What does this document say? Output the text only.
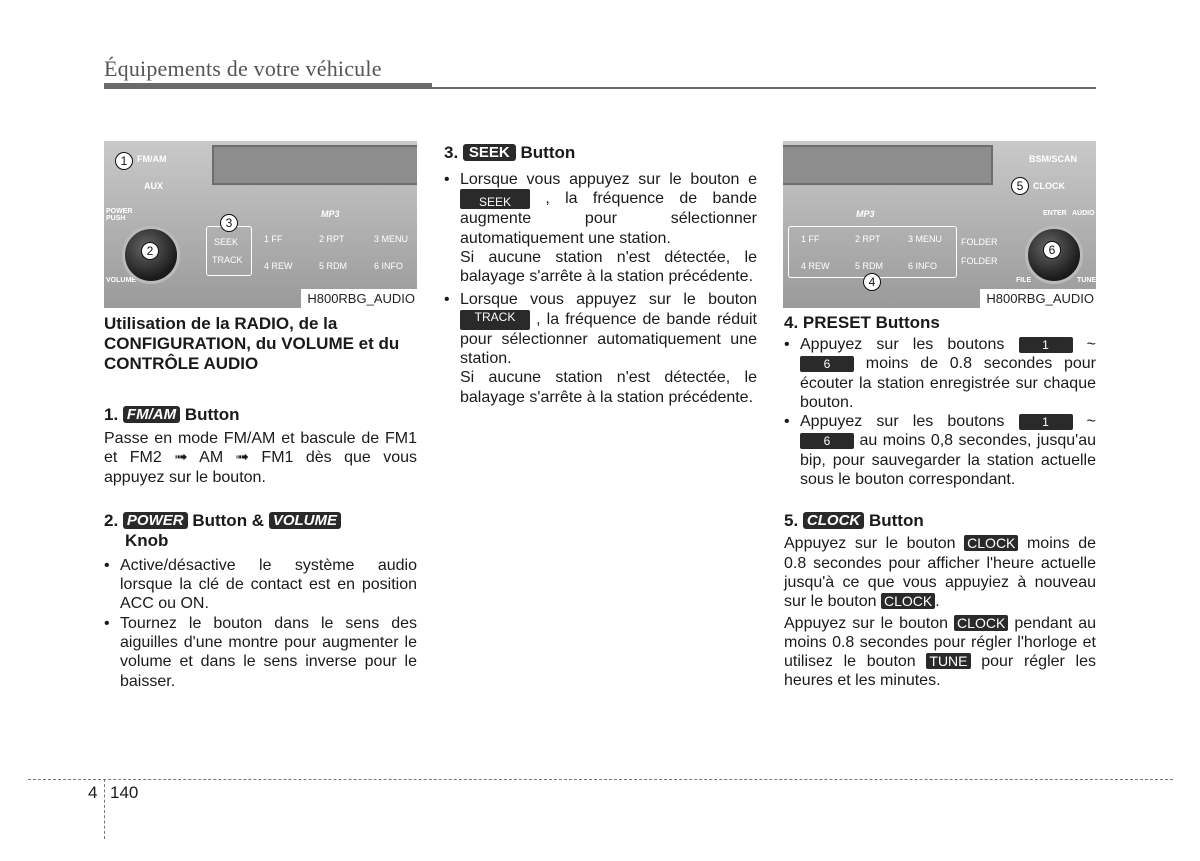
Équipements de votre véhicule
FM/AM
AUX
POWER PUSH
VOLUME
MP3
SEEK
TRACK
1 FF	2 RPT	3 MENU
4 REW	5 RDM	6 INFO
1
2
3
H800RBG_AUDIO
BSM/SCAN
CLOCK
ENTER AUDIO
FILE	TUNE
MP3
1 FF	2 RPT	3 MENU
4 REW	5 RDM	6 INFO
FOLDER
FOLDER
4
5
6
H800RBG_AUDIO
Utilisation de la RADIO, de la CONFIGURATION, du VOLUME et du CONTRÔLE AUDIO
1. FM/AM Button

Passe en mode FM/AM et bascule de FM1 et FM2 ➟ AM ➟ FM1 dès que vous appuyez sur le bouton.

2. POWER Button & VOLUME
Knob

• Active/désactive le système audio lorsque la clé de contact est en position ACC ou ON.

• Tournez le bouton dans le sens des aiguilles d'une montre pour augmenter le volume et dans le sens inverse pour le baisser.

3. SEEK Button

• Lorsque vous appuyez sur le bouton e SEEK , la fréquence de bande augmente pour sélectionner automatiquement une station.

Si aucune station n'est détectée, le balayage s'arrête à la station précédente.

• Lorsque vous appuyez sur le bouton TRACK , la fréquence de bande réduit pour sélectionner automatiquement une station.

Si aucune station n'est détectée, le balayage s'arrête à la station précédente.

4. PRESET Buttons

• Appuyez sur les boutons	1 ~ 6 moins de 0.8 secondes pour écouter la station enregistrée sur chaque bouton.

• Appuyez sur les boutons	1 ~ 6 au moins 0,8 secondes, jusqu'au bip, pour sauvegarder la station actuelle sous le bouton correspondant.

5. CLOCK Button

Appuyez sur le bouton CLOCK moins de 0.8 secondes pour afficher l'heure actuelle jusqu'à ce que vous appuyiez à nouveau sur le bouton CLOCK .

Appuyez sur le bouton CLOCK pendant au moins 0.8 secondes pour régler l'horloge et utilisez le bouton TUNE pour régler les heures et les minutes.

4 140
